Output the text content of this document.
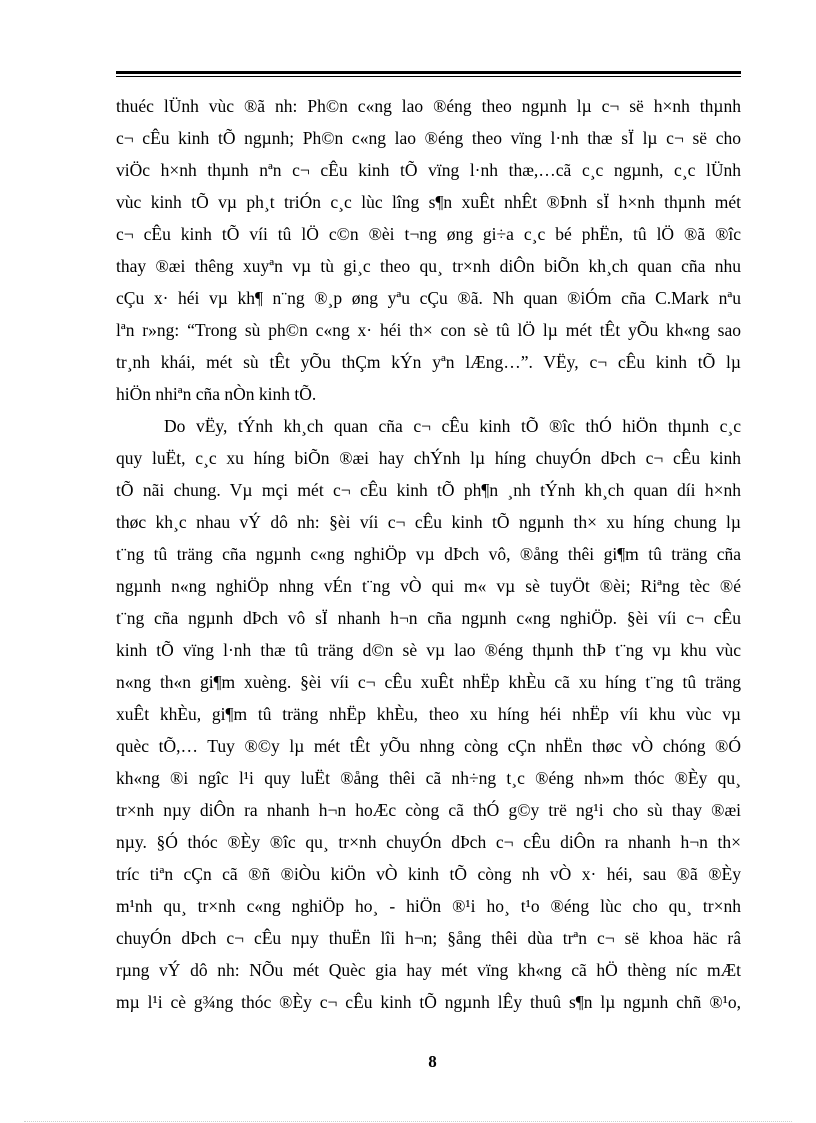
thuéc lÜnh vùc ®ã nh: Ph©n c«ng lao ®éng theo ngµnh lµ c¬ së h×nh thµnh
c¬ cÊu kinh tÕ ngµnh; Ph©n c«ng lao ®éng theo vïng l·nh thæ sÏ lµ c¬ së cho
viÖc h×nh thµnh nªn c¬ cÊu kinh tÕ vïng l·nh thæ,…cã c¸c ngµnh, c¸c lÜnh
vùc kinh tÕ vµ ph¸t triÓn c¸c lùc lîng s¶n xuÊt nhÊt ®Þnh sÏ h×nh thµnh mét
c¬ cÊu kinh tÕ víi tû lÖ c©n ®èi t¬ng øng gi÷a c¸c bé phËn, tû lÖ ®ã ®îc
thay ®æi thêng xuyªn vµ tù gi¸c theo qu¸ tr×nh diÔn biÕn kh¸ch quan cña nhu
cÇu x· héi vµ kh¶ n¨ng ®¸p øng yªu cÇu ®ã. Nh quan ®iÓm cña C.Mark nªu
lªn r»ng: “Trong sù ph©n c«ng x· héi th× con sè tû lÖ lµ mét tÊt yÕu kh«ng sao
tr¸nh khái, mét sù tÊt yÕu thÇm kÝn yªn lÆng…”. VËy, c¬ cÊu kinh tÕ lµ
hiÖn nhiªn cña nÒn kinh tÕ.
Do vËy, tÝnh kh¸ch quan cña c¬ cÊu kinh tÕ ®îc thÓ hiÖn thµnh c¸c
quy luËt, c¸c xu híng biÕn ®æi hay chÝnh lµ híng chuyÓn dÞch c¬ cÊu kinh
tÕ nãi chung. Vµ mçi mét c¬ cÊu kinh tÕ ph¶n ¸nh tÝnh kh¸ch quan díi h×nh
thøc kh¸c nhau vÝ dô nh: §èi víi c¬ cÊu kinh tÕ ngµnh th× xu híng chung lµ
t¨ng tû träng cña ngµnh c«ng nghiÖp vµ dÞch vô, ®ång thêi gi¶m tû träng cña
ngµnh n«ng nghiÖp nhng vÉn t¨ng vÒ qui m« vµ sè tuyÖt ®èi; Riªng tèc ®é
t¨ng cña ngµnh dÞch vô sÏ nhanh h¬n cña ngµnh c«ng nghiÖp. §èi víi c¬ cÊu
kinh tÕ vïng l·nh thæ tû träng d©n sè vµ lao ®éng thµnh thÞ t¨ng vµ khu vùc
n«ng th«n gi¶m xuèng. §èi víi c¬ cÊu xuÊt nhËp khÈu cã xu híng t¨ng tû träng
xuÊt khÈu, gi¶m tû träng nhËp khÈu, theo xu híng héi nhËp víi khu vùc vµ
quèc tÕ,… Tuy ®©y lµ mét tÊt yÕu nhng còng cÇn nhËn thøc vÒ chóng ®Ó
kh«ng ®i ngîc l¹i quy luËt ®ång thêi cã nh÷ng t¸c ®éng nh»m thóc ®Èy qu¸
tr×nh nµy diÔn ra nhanh h¬n hoÆc còng cã thÓ g©y trë ng¹i cho sù thay ®æi
nµy. §Ó thóc ®Èy ®îc qu¸ tr×nh chuyÓn dÞch c¬ cÊu diÔn ra nhanh h¬n th×
tríc tiªn cÇn cã ®ñ ®iÒu kiÖn vÒ kinh tÕ còng nh vÒ x· héi, sau ®ã ®Èy
m¹nh qu¸ tr×nh c«ng nghiÖp ho¸ - hiÖn ®¹i ho¸ t¹o ®éng lùc cho qu¸ tr×nh
chuyÓn dÞch c¬ cÊu nµy thuËn lîi h¬n; §ång thêi dùa trªn c¬ së khoa häc râ
rµng vÝ dô nh: NÕu mét Quèc gia hay mét vïng kh«ng cã hÖ thèng níc mÆt
mµ l¹i cè g¾ng thóc ®Èy c¬ cÊu kinh tÕ ngµnh lÊy thuû s¶n lµ ngµnh chñ ®¹o,
8
